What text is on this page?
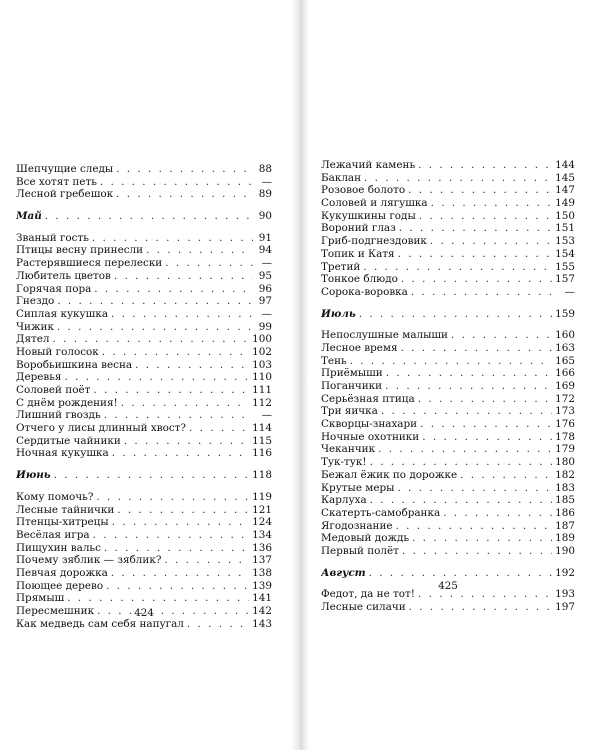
Шепчущие следы . . .	88
Все хотят петь . . .	—
Лесной гребешок . . .	89
Май . . .	90
Званый гость . . .	91
Птицы весну принесли . . .	94
Растерявшиеся перелески . . .	—
Любитель цветов . . .	95
Горячая пора . . .	96
Гнездо . . .	97
Сиплая кукушка . . .	—
Чижик . . .	99
Дятел . . .	100
Новый голосок . . .	102
Воробьишкина весна . . .	103
Деревья . . .	110
Соловей поёт . . .	111
С днём рождения! . . .	112
Лишний гвоздь . . .	—
Отчего у лисы длинный хвост? . . .	114
Сердитые чайники . . .	115
Ночная кукушка . . .	116
Июнь . . .	118
Кому помочь? . . .	119
Лесные тайнички . . .	121
Птенцы-хитрецы . . .	124
Весёлая игра . . .	134
Пищухин вальс . . .	136
Почему зяблик — зяблик? . . .	137
Певчая дорожка . . .	138
Поющее дерево . . .	139
Прямыш . . .	141
Пересмешник . . .	142
Как медведь сам себя напугал . . .	143
424
Лежачий камень . . .	144
Баклан . . .	145
Розовое болото . . .	147
Соловей и лягушка . . .	149
Кукушкины годы . . .	150
Вороний глаз . . .	151
Гриб-подгнездовик . . .	153
Топик и Катя . . .	154
Третий . . .	155
Тонкое блюдо . . .	157
Сорока-воровка . . .	—
Июль . . .	159
Непослушные малыши . . .	160
Лесное время . . .	163
Тень . . .	165
Приёмыши . . .	166
Поганчики . . .	169
Серьёзная птица . . .	172
Три яичка . . .	173
Скворцы-знахари . . .	176
Ночные охотники . . .	178
Чеканчик . . .	179
Тук-тук! . . .	180
Бежал ёжик по дорожке . . .	182
Крутые меры . . .	183
Карлуха . . .	185
Скатерть-самобранка . . .	186
Ягодознание . . .	187
Медовый дождь . . .	189
Первый полёт . . .	190
Август . . .	192
Федот, да не тот! . . .	193
Лесные силачи . . .	197
425
